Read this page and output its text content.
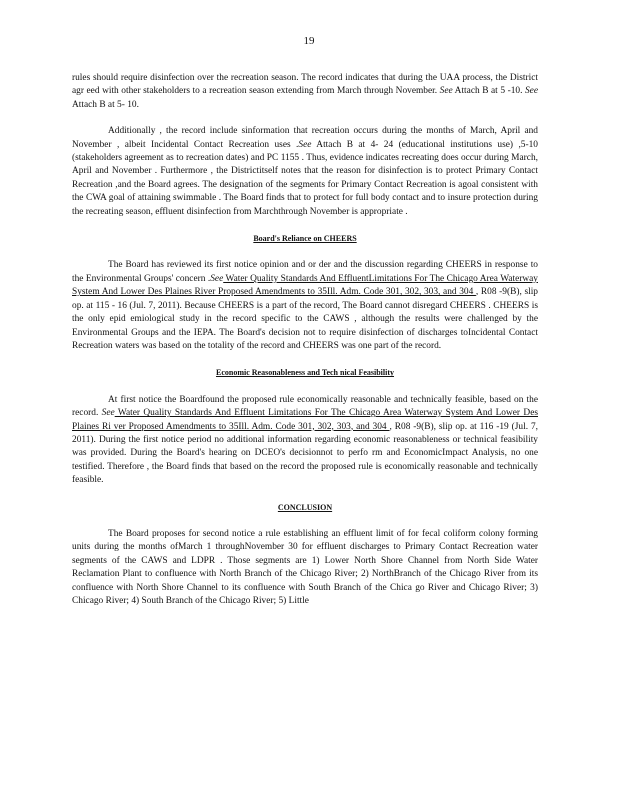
19

rules should require disinfection over the recreation season. The record indicates that during the UAA process, the District agr eed with other stakeholders to a recreation season extending from March through November. See Attach B at 5 -10. See Attach B at 5- 10.

Additionally , the record include sinformation that recreation occurs during the months of March, April and November , albeit Incidental Contact Recreation uses .See Attach B at 4- 24 (educational institutions use) ,5-10 (stakeholders agreement as to recreation dates) and PC 1155 . Thus, evidence indicates recreating does occur during March, April and November . Furthermore , the Districtitself notes that the reason for disinfection is to protect Primary Contact Recreation ,and the Board agrees. The designation of the segments for Primary Contact Recreation is agoal consistent with the CWA goal of attaining swimmable . The Board finds that to protect for full body contact and to insure protection during the recreating season, effluent disinfection from Marchthrough November is appropriate .

Board's Reliance on CHEERS

The Board has reviewed its first notice opinion and or der and the discussion regarding CHEERS in response to the Environmental Groups' concern .See Water Quality Standards And EffluentLimitations For The Chicago Area Waterway System And Lower Des Plaines River Proposed Amendments to 35Ill. Adm. Code 301, 302, 303, and 304 , R08 -9(B), slip op. at 115 - 16 (Jul. 7, 2011). Because CHEERS is a part of the record, The Board cannot disregard CHEERS . CHEERS is the only epid emiological study in the record specific to the CAWS , although the results were challenged by the Environmental Groups and the IEPA. The Board's decision not to require disinfection of discharges toIncidental Contact Recreation waters was based on the totality of the record and CHEERS was one part of the record.

Economic Reasonableness and Tech nical Feasibility

At first notice the Boardfound the proposed rule economically reasonable and technically feasible, based on the record. See Water Quality Standards And Effluent Limitations For The Chicago Area Waterway System And Lower Des Plaines Ri ver Proposed Amendments to 35Ill. Adm. Code 301, 302, 303, and 304 , R08 -9(B), slip op. at 116 -19 (Jul. 7, 2011). During the first notice period no additional information regarding economic reasonableness or technical feasibility was provided. During the Board's hearing on DCEO's decisionnot to perfo rm and EconomicImpact Analysis, no one testified. Therefore , the Board finds that based on the record the proposed rule is economically reasonable and technically feasible.

CONCLUSION

The Board proposes for second notice a rule establishing an effluent limit of for fecal coliform colony forming units during the months ofMarch 1 throughNovember 30 for effluent discharges to Primary Contact Recreation water segments of the CAWS and LDPR . Those segments are 1) Lower North Shore Channel from North Side Water Reclamation Plant to confluence with North Branch of the Chicago River; 2) NorthBranch of the Chicago River from its confluence with North Shore Channel to its confluence with South Branch of the Chica go River and Chicago River; 3) Chicago River; 4) South Branch of the Chicago River; 5) Little
